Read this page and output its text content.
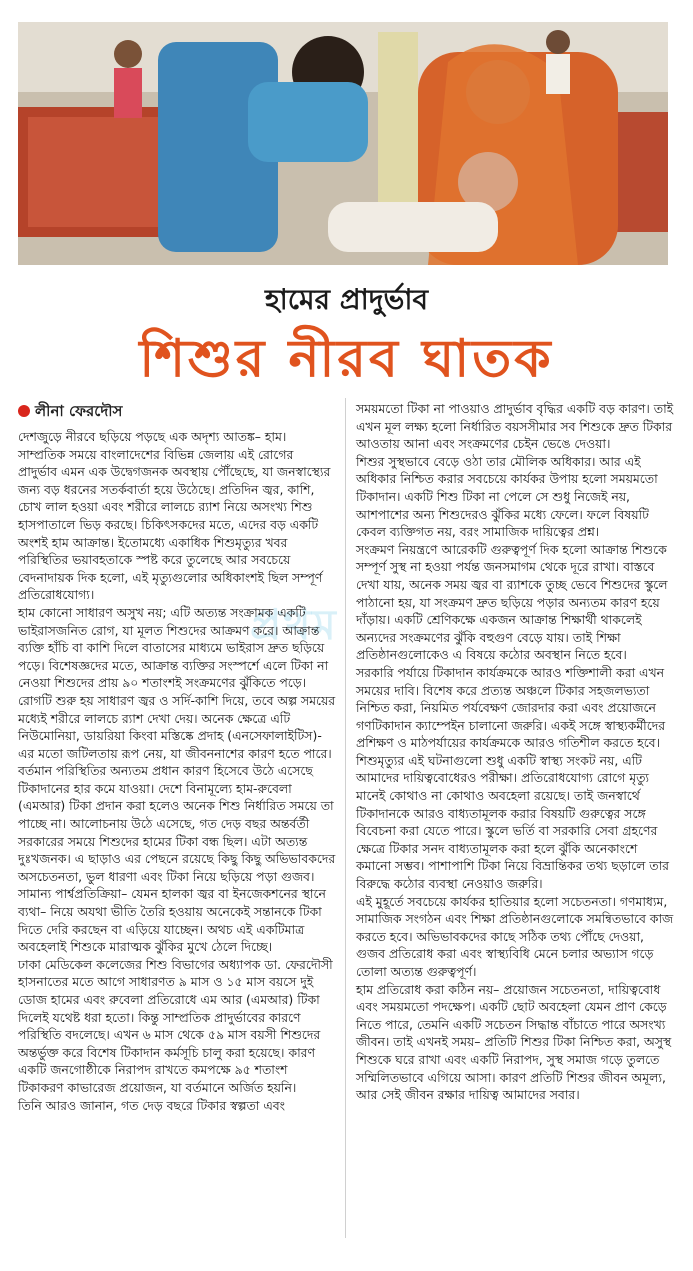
হামের প্রাদুর্ভাব
শিশুর নীরব ঘাতক
লীনা ফেরদৌস
প্রথম

দেশজুড়ে নীরবে ছড়িয়ে পড়ছে এক অদৃশ্য আতঙ্ক– হাম। সাম্প্রতিক সময়ে বাংলাদেশের বিভিন্ন জেলায় এই রোগের প্রাদুর্ভাব এমন এক উদ্বেগজনক অবস্থায় পৌঁছেছে, যা জনস্বাস্থ্যের জন্য বড় ধরনের সতর্কবার্তা হয়ে উঠেছে। প্রতিদিন জ্বর, কাশি, চোখ লাল হওয়া এবং শরীরে লালচে র‍্যাশ নিয়ে অসংখ্য শিশু হাসপাতালে ভিড় করছে। চিকিৎসকদের মতে, এদের বড় একটি অংশই হাম আক্রান্ত। ইতোমধ্যে একাধিক শিশুমৃত্যুর খবর পরিস্থিতির ভয়াবহতাকে স্পষ্ট করে তুলেছে আর সবচেয়ে বেদনাদায়ক দিক হলো, এই মৃত্যুগুলোর অধিকাংশই ছিল সম্পূর্ণ প্রতিরোধযোগ্য।

হাম কোনো সাধারণ অসুখ নয়; এটি অত্যন্ত সংক্রামক একটি ভাইরাসজনিত রোগ, যা মূলত শিশুদের আক্রমণ করে। আক্রান্ত ব্যক্তি হাঁচি বা কাশি দিলে বাতাসের মাধ্যমে ভাইরাস দ্রুত ছড়িয়ে পড়ে। বিশেষজ্ঞদের মতে, আক্রান্ত ব্যক্তির সংস্পর্শে এলে টিকা না নেওয়া শিশুদের প্রায় ৯০ শতাংশই সংক্রমণের ঝুঁকিতে পড়ে। রোগটি শুরু হয় সাধারণ জ্বর ও সর্দি-কাশি দিয়ে, তবে অল্প সময়ের মধ্যেই শরীরে লালচে র‍্যাশ দেখা দেয়। অনেক ক্ষেত্রে এটি নিউমোনিয়া, ডায়রিয়া কিংবা মস্তিষ্কে প্রদাহ (এনসেফালাইটিস)-এর মতো জটিলতায় রূপ নেয়, যা জীবননাশের কারণ হতে পারে।

বর্তমান পরিস্থিতির অন্যতম প্রধান কারণ হিসেবে উঠে এসেছে টিকাদানের হার কমে যাওয়া। দেশে বিনামূল্যে হাম-রুবেলা (এমআর) টিকা প্রদান করা হলেও অনেক শিশু নির্ধারিত সময়ে তা পাচ্ছে না। আলোচনায় উঠে এসেছে, গত দেড় বছর অন্তর্বর্তী সরকারের সময়ে শিশুদের হামের টিকা বন্ধ ছিল। এটা অত্যন্ত দুঃখজনক। এ ছাড়াও এর পেছনে রয়েছে কিছু কিছু অভিভাবকদের অসচেতনতা, ভুল ধারণা এবং টিকা নিয়ে ছড়িয়ে পড়া গুজব। সামান্য পার্শ্বপ্রতিক্রিয়া– যেমন হালকা জ্বর বা ইনজেকশনের স্থানে ব্যথা– নিয়ে অযথা ভীতি তৈরি হওয়ায় অনেকেই সন্তানকে টিকা দিতে দেরি করছেন বা এড়িয়ে যাচ্ছেন। অথচ এই একটিমাত্র অবহেলাই শিশুকে মারাত্মক ঝুঁকির মুখে ঠেলে দিচ্ছে।

ঢাকা মেডিকেল কলেজের শিশু বিভাগের অধ্যাপক ডা. ফেরদৌসী হাসনাতের মতে আগে সাধারণত ৯ মাস ও ১৫ মাস বয়সে দুই ডোজ হামের এবং রুবেলা প্রতিরোধে এম আর (এমআর) টিকা দিলেই যথেষ্ট ধরা হতো। কিন্তু সাম্প্রতিক প্রাদুর্ভাবের কারণে পরিস্থিতি বদলেছে। এখন ৬ মাস থেকে ৫৯ মাস বয়সী শিশুদের অন্তর্ভুক্ত করে বিশেষ টিকাদান কর্মসূচি চালু করা হয়েছে। কারণ একটি জনগোষ্ঠীকে নিরাপদ রাখতে কমপক্ষে ৯৫ শতাংশ টিকাকরণ কাভারেজ প্রয়োজন, যা বর্তমানে অর্জিত হয়নি।

তিনি আরও জানান, গত দেড় বছরে টিকার স্বল্পতা এবং

সময়মতো টিকা না পাওয়াও প্রাদুর্ভাব বৃদ্ধির একটি বড় কারণ। তাই এখন মূল লক্ষ্য হলো নির্ধারিত বয়সসীমার সব শিশুকে দ্রুত টিকার আওতায় আনা এবং সংক্রমণের চেইন ভেঙে দেওয়া।

শিশুর সুস্থভাবে বেড়ে ওঠা তার মৌলিক অধিকার। আর এই অধিকার নিশ্চিত করার সবচেয়ে কার্যকর উপায় হলো সময়মতো টিকাদান। একটি শিশু টিকা না পেলে সে শুধু নিজেই নয়, আশপাশের অন্য শিশুদেরও ঝুঁকির মধ্যে ফেলে। ফলে বিষয়টি কেবল ব্যক্তিগত নয়, বরং সামাজিক দায়িত্বের প্রশ্ন।

সংক্রমণ নিয়ন্ত্রণে আরেকটি গুরুত্বপূর্ণ দিক হলো আক্রান্ত শিশুকে সম্পূর্ণ সুস্থ না হওয়া পর্যন্ত জনসমাগম থেকে দূরে রাখা। বাস্তবে দেখা যায়, অনেক সময় জ্বর বা র‍্যাশকে তুচ্ছ ভেবে শিশুদের স্কুলে পাঠানো হয়, যা সংক্রমণ দ্রুত ছড়িয়ে পড়ার অন্যতম কারণ হয়ে দাঁড়ায়। একটি শ্রেণিকক্ষে একজন আক্রান্ত শিক্ষার্থী থাকলেই অন্যদের সংক্রমণের ঝুঁকি বহুগুণ বেড়ে যায়। তাই শিক্ষা প্রতিষ্ঠানগুলোকেও এ বিষয়ে কঠোর অবস্থান নিতে হবে।

সরকারি পর্যায়ে টিকাদান কার্যক্রমকে আরও শক্তিশালী করা এখন সময়ের দাবি। বিশেষ করে প্রত্যন্ত অঞ্চলে টিকার সহজলভ্যতা নিশ্চিত করা, নিয়মিত পর্যবেক্ষণ জোরদার করা এবং প্রয়োজনে গণটিকাদান ক্যাম্পেইন চালানো জরুরি। একই সঙ্গে স্বাস্থ্যকর্মীদের প্রশিক্ষণ ও মাঠপর্যায়ের কার্যক্রমকে আরও গতিশীল করতে হবে।

শিশুমৃত্যুর এই ঘটনাগুলো শুধু একটি স্বাস্থ্য সংকট নয়, এটি আমাদের দায়িত্ববোধেরও পরীক্ষা। প্রতিরোধযোগ্য রোগে মৃত্যু মানেই কোথাও না কোথাও অবহেলা রয়েছে। তাই জনস্বার্থে টিকাদানকে আরও বাধ্যতামূলক করার বিষয়টি গুরুত্বের সঙ্গে বিবেচনা করা যেতে পারে। স্কুলে ভর্তি বা সরকারি সেবা গ্রহণের ক্ষেত্রে টিকার সনদ বাধ্যতামূলক করা হলে ঝুঁকি অনেকাংশে কমানো সম্ভব। পাশাপাশি টিকা নিয়ে বিভ্রান্তিকর তথ্য ছড়ালে তার বিরুদ্ধে কঠোর ব্যবস্থা নেওয়াও জরুরি।

এই মুহূর্তে সবচেয়ে কার্যকর হাতিয়ার হলো সচেতনতা। গণমাধ্যম, সামাজিক সংগঠন এবং শিক্ষা প্রতিষ্ঠানগুলোকে সমন্বিতভাবে কাজ করতে হবে। অভিভাবকদের কাছে সঠিক তথ্য পৌঁছে দেওয়া, গুজব প্রতিরোধ করা এবং স্বাস্থ্যবিধি মেনে চলার অভ্যাস গড়ে তোলা অত্যন্ত গুরুত্বপূর্ণ।

হাম প্রতিরোধ করা কঠিন নয়– প্রয়োজন সচেতনতা, দায়িত্ববোধ এবং সময়মতো পদক্ষেপ। একটি ছোট অবহেলা যেমন প্রাণ কেড়ে নিতে পারে, তেমনি একটি সচেতন সিদ্ধান্ত বাঁচাতে পারে অসংখ্য জীবন। তাই এখনই সময়– প্রতিটি শিশুর টিকা নিশ্চিত করা, অসুস্থ শিশুকে ঘরে রাখা এবং একটি নিরাপদ, সুস্থ সমাজ গড়ে তুলতে সম্মিলিতভাবে এগিয়ে আসা। কারণ প্রতিটি শিশুর জীবন অমূল্য, আর সেই জীবন রক্ষার দায়িত্ব আমাদের সবার।
